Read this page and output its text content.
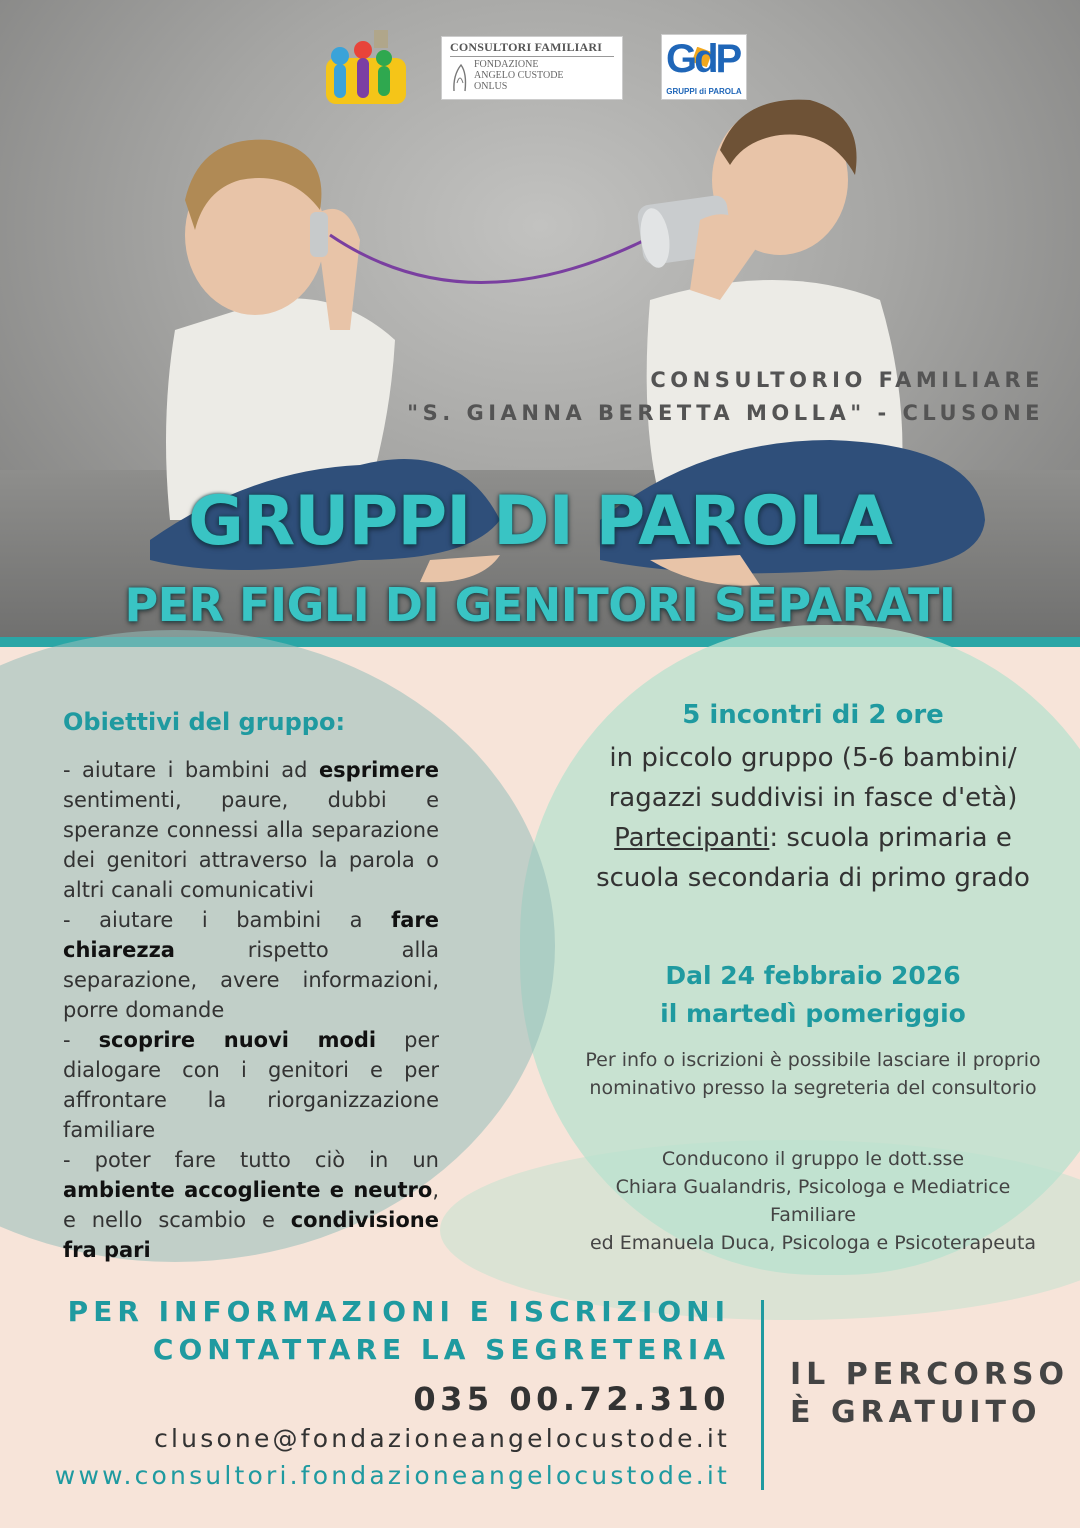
CONSULTORI FAMILIARI
FONDAZIONE
ANGELO CUSTODE
ONLUS
GdP
GRUPPI di PAROLA
CONSULTORIO FAMILIARE
"S. GIANNA BERETTA MOLLA" - CLUSONE
GRUPPI DI PAROLA
PER FIGLI DI GENITORI SEPARATI
Obiettivi del gruppo:
- aiutare i bambini ad esprimere sentimenti, paure, dubbi e speranze connessi alla separazione dei genitori attraverso la parola o altri canali comunicativi
- aiutare i bambini a fare chiarezza rispetto alla separazione, avere informazioni, porre domande
- scoprire nuovi modi per dialogare con i genitori e per affrontare la riorganizzazione familiare
- poter fare tutto ciò in un ambiente accogliente e neutro, e nello scambio e condivisione fra pari
5 incontri di 2 ore
in piccolo gruppo (5-6 bambini/
ragazzi suddivisi in fasce d'età)
Partecipanti: scuola primaria e
scuola secondaria di primo grado
Dal 24 febbraio 2026
il martedì pomeriggio
Per info o iscrizioni è possibile lasciare il proprio
nominativo presso la segreteria del consultorio
Conducono il gruppo le dott.sse
Chiara Gualandris, Psicologa e Mediatrice Familiare
ed Emanuela Duca, Psicologa e Psicoterapeuta
PER INFORMAZIONI E ISCRIZIONI
CONTATTARE LA SEGRETERIA
035 00.72.310
clusone@fondazioneangelocustode.it
www.consultori.fondazioneangelocustode.it
IL PERCORSO
È GRATUITO
